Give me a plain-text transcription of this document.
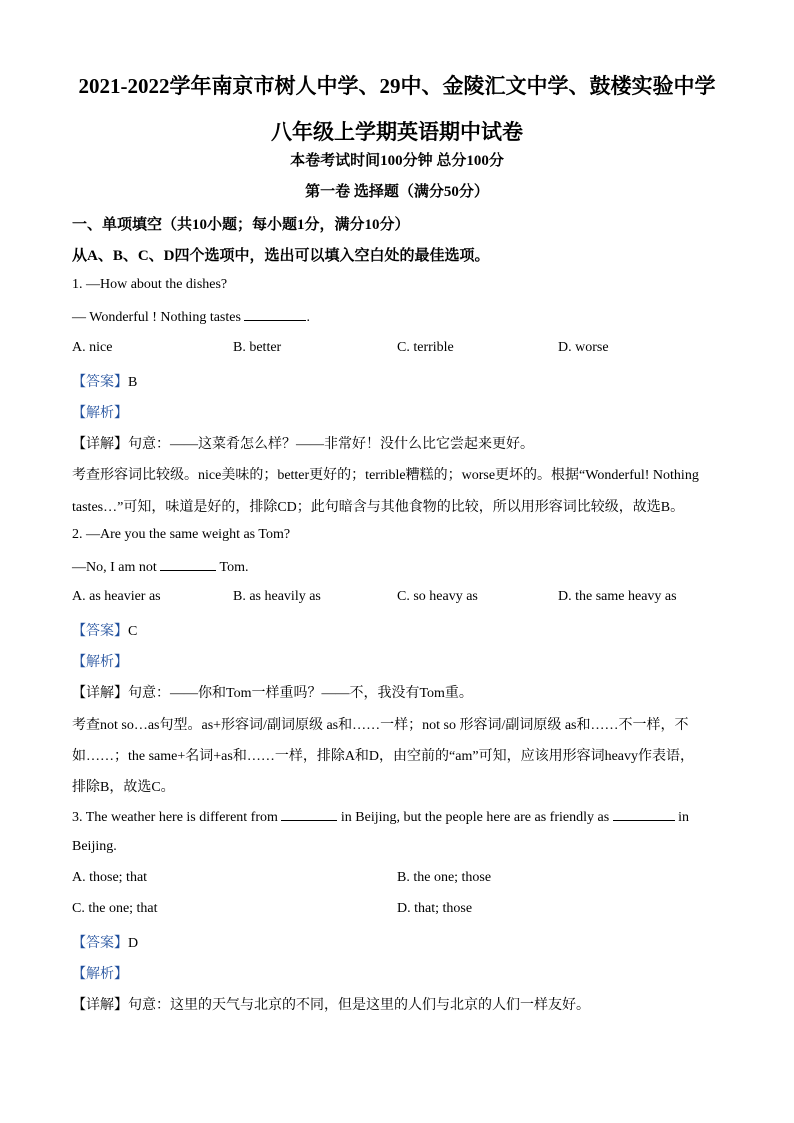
2021-2022学年南京市树人中学、29中、金陵汇文中学、鼓楼实验中学
八年级上学期英语期中试卷
本卷考试时间100分钟 总分100分
第一卷 选择题（满分50分）
一、单项填空（共10小题；每小题1分，满分10分）
从A、B、C、D四个选项中，选出可以填入空白处的最佳选项。
1. —How about the dishes?
— Wonderful ! Nothing tastes	.
A. nice	B. better	C. terrible	D. worse
【答案】B
【解析】
【详解】句意：——这菜肴怎么样？——非常好！没什么比它尝起来更好。
考查形容词比较级。nice美味的；better更好的；terrible糟糕的；worse更坏的。根据“Wonderful! Nothing
tastes…”可知，味道是好的，排除CD；此句暗含与其他食物的比较，所以用形容词比较级，故选B。
2. —Are you the same weight as Tom?
—No, I am not	Tom.
A. as heavier as	B. as heavily as	C. so heavy as	D. the same heavy as
【答案】C
【解析】
【详解】句意：——你和Tom一样重吗？——不，我没有Tom重。
考查not so…as句型。as+形容词/副词原级 as和……一样；not so 形容词/副词原级 as和……不一样，不
如……；the same+名词+as和……一样，排除A和D，由空前的“am”可知，应该用形容词heavy作表语，
排除B，故选C。
3. The weather here is different from	in Beijing, but the people here are as friendly as	in
Beijing.
A. those; that	B. the one; those
C. the one; that	D. that; those
【答案】D
【解析】
【详解】句意：这里的天气与北京的不同，但是这里的人们与北京的人们一样友好。
